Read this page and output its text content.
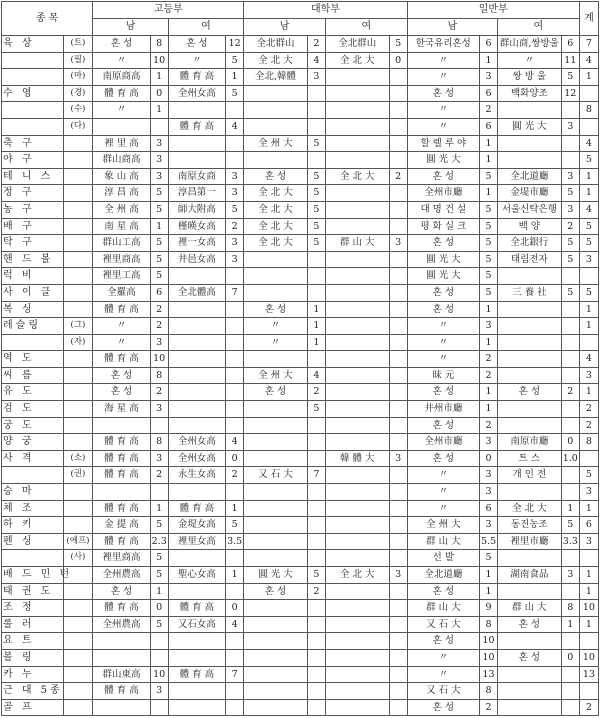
종 목		고등부				대학부				일반부				계
		남		여		남		여		남		여		
육 상	(트)	혼 성	8	혼 성	12	全北群山	2	全北群山	5	한국유리혼성	6	群山商,쌍방울	6	7
	(필)	〃	10	〃	5	全 北 大	4	全 北 大	0	〃	1	〃	11	4
	(마)	南原商高	1	體 育 高	1	全北,韓體	3			〃	3	쌍 방 울	5	1
수 영	(경)	體 育 高	0	全州女高	5					혼 성	6	백화양조	12	
	(수)	〃	1							〃	2			8
	(다)			體 育 高	4					〃	6	圓 光 大	3	
축 구		裡 里 高	3			全 州 大	5			할 렐 루 야	1			4
야 구		群山商高	3							圓 光 大	1			5
테 니 스		象 山 高	3	南原女商	3	혼 성	5	全 北 大	2	혼 성	5	全北道廳	3	1
정 구		淳 昌 高	5	淳昌第一	3	全 北 大	5			全州市廳	1	金堤市廳	5	1
농 구		全 州 高	5	師大附高	5	全 北 大	5			대 명 건 설	5	서울신탁은행	3	4
배 구		南 星 高	1	槿暎女高	2	全 北 大	5			평 화 실 크	5	백 양	2	5
탁 구		群山工高	5	裡一女高	3	全 北 大	5	群 山 大	3	혼 성	5	全北銀行	5	5
핸 드 볼		裡里商高	5	井邑女高	3					圓 光 大	5	태림전자	5	3
럭 비		裡里工高	5							圓 光 大	5			
사 이 클		全羅高	6	全北體高	7					혼 성	5	三 養 社	5	5
복 싱		體 育 高	2			혼 성	1			혼 성	1			1
레슬링	(그)	〃	2			〃	1			〃	3			1
	(자)	〃	3			〃	1			〃	1			
역 도		體 育 高	10							〃	2			4
씨 름		혼 성	8			全 州 大	4			昧 元	2			3
유 도		혼 성	2			혼 성	2			혼 성	1	혼 성	2	1
검 도		海 星 高	3				5			井州市廳	1			2
궁 도										혼 성	2			2
양 궁		體 育 高	8	全州女高	4					全州市廳	3	南原市廳	0	8
사 격	(소)	體 育 高	3	全州女高	0			韓 體 大	3	혼 성	0	트 스	1.0	
	(권)	體 育 高	2	永生女高	2	又 石 大	7			〃	3	개 인 전		5
승 마										〃	3			3
체 조		體 育 高	1	體 育 高	1					〃	6	全 北 大	1	1
하 키		金 提 高	5	金堤女高	5					全 州 大	3	동진농조	5	6
펜 싱	(에프)	體 育 高	2.3	裡里女高	3.5					群 山 大	5.5	裡里市廳	3.3	3
	(사)	裡里商高	5							선 발	5			
배 드 민 턴		全州農高	5	聖心女高	1	圓 光 大	5	全 北 大	3	全北道廳	1	湖南食品	3	1
태 권 도		혼 성	1			혼 성	2			혼 성	1			1
조 정		體 育 高	0	體 育 高	0					群 山 大	9	群 山 大	8	10
롤 러		全州農高	5	又石女高	4					又 石 大	8	혼 성	1	1
요 트										혼 성	10			
볼 링										〃	10	혼 성	0	10
카 누		群山東高	10	體 育 高	7					〃	13			13
근 대 5종		體 育 高	3							又 石 大	8			
골 프										혼 성	2			2
